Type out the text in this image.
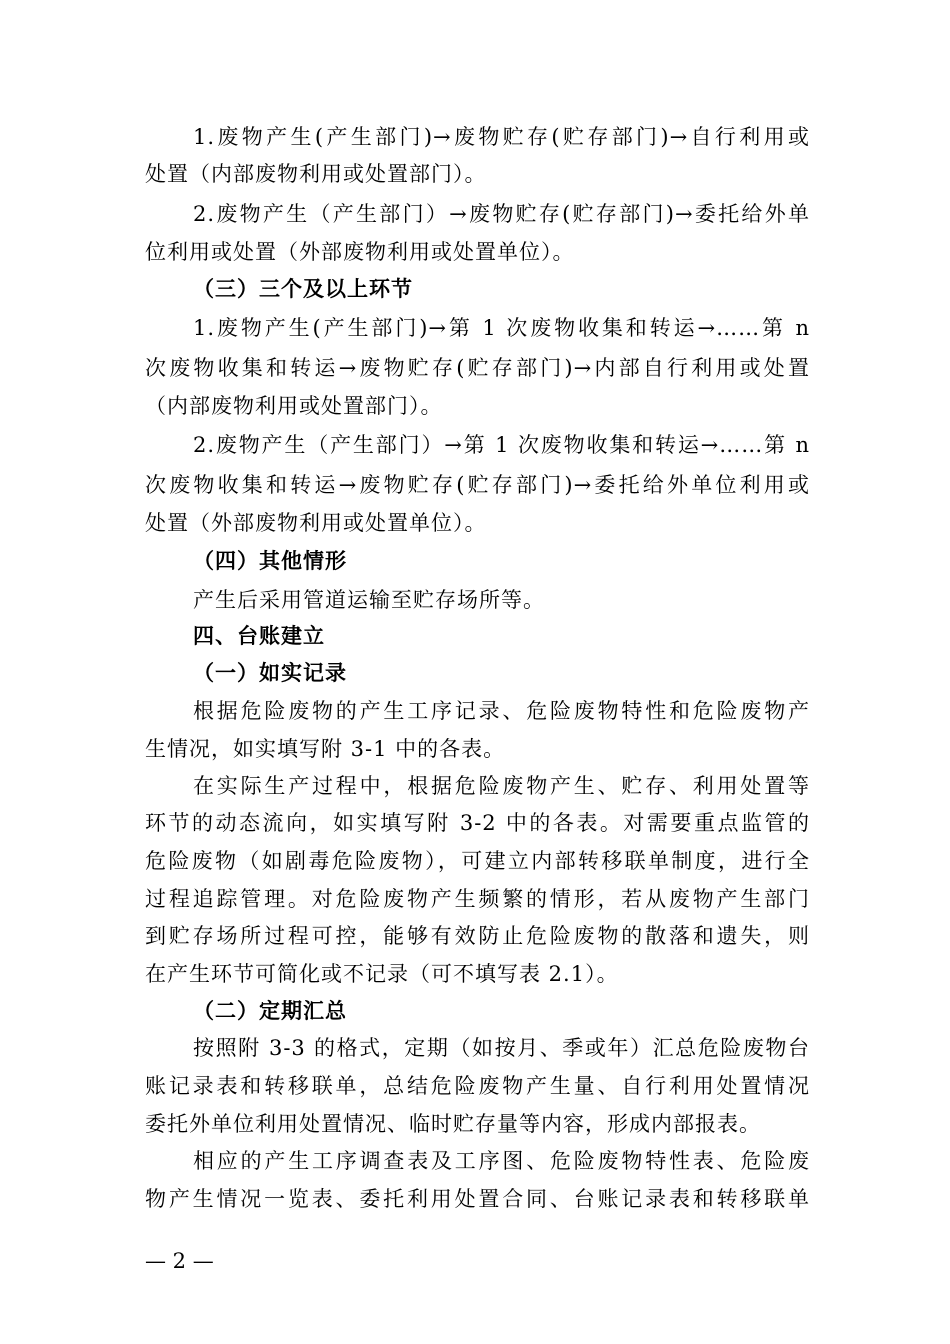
1.废物产生(产生部门)→废物贮存(贮存部门)→自行利用或
处置（内部废物利用或处置部门）。
2.废物产生（产生部门）→废物贮存(贮存部门)→委托给外单
位利用或处置（外部废物利用或处置单位）。
（三）三个及以上环节
1.废物产生(产生部门)→第 1 次废物收集和转运→……第 n
次废物收集和转运→废物贮存(贮存部门)→内部自行利用或处置
（内部废物利用或处置部门）。
2.废物产生（产生部门）→第 1 次废物收集和转运→……第 n
次废物收集和转运→废物贮存(贮存部门)→委托给外单位利用或
处置（外部废物利用或处置单位）。
（四）其他情形
产生后采用管道运输至贮存场所等。
四、台账建立
（一）如实记录
根据危险废物的产生工序记录、危险废物特性和危险废物产
生情况，如实填写附 3-1 中的各表。
在实际生产过程中，根据危险废物产生、贮存、利用处置等
环节的动态流向，如实填写附 3-2 中的各表。对需要重点监管的
危险废物（如剧毒危险废物），可建立内部转移联单制度，进行全
过程追踪管理。对危险废物产生频繁的情形，若从废物产生部门
到贮存场所过程可控，能够有效防止危险废物的散落和遗失，则
在产生环节可简化或不记录（可不填写表 2.1）。
（二）定期汇总
按照附 3-3 的格式，定期（如按月、季或年）汇总危险废物台
账记录表和转移联单，总结危险废物产生量、自行利用处置情况
委托外单位利用处置情况、临时贮存量等内容，形成内部报表。
相应的产生工序调查表及工序图、危险废物特性表、危险废
物产生情况一览表、委托利用处置合同、台账记录表和转移联单
— 2 —
